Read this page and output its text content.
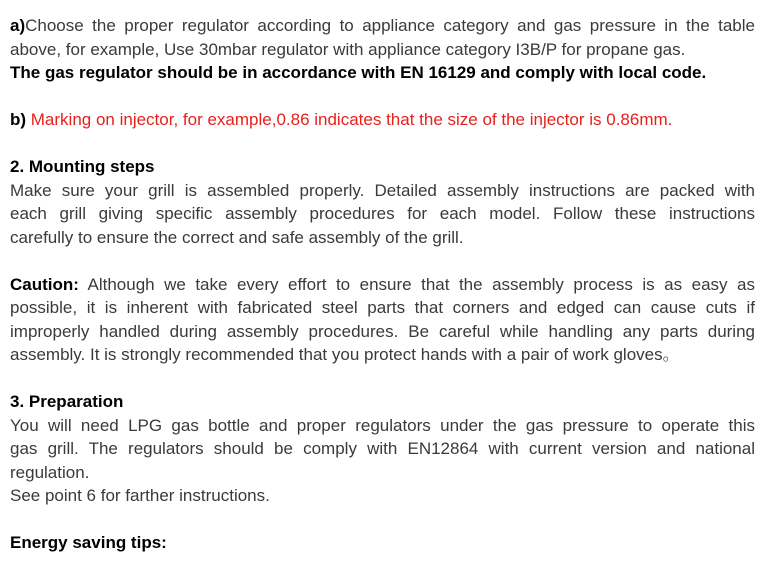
a)Choose the proper regulator according to appliance category and gas pressure in the table

above, for example, Use 30mbar regulator with appliance category I3B/P for propane gas.

The gas regulator should be in accordance with EN 16129 and comply with local code.

b) Marking on injector, for example,0.86 indicates that the size of the injector is 0.86mm.

2. Mounting steps

Make sure your grill is assembled properly. Detailed assembly instructions are packed with

each grill giving specific assembly procedures for each model. Follow these instructions

carefully to ensure the correct and safe assembly of the grill.

Caution: Although we take every effort to ensure that the assembly process is as easy as

possible, it is inherent with fabricated steel parts that corners and edged can cause cuts if

improperly handled during assembly procedures. Be careful while handling any parts during

assembly. It is strongly recommended that you protect hands with a pair of work gloves。

3. Preparation

You will need LPG gas bottle and proper regulators under the gas pressure to operate this

gas grill. The regulators should be comply with EN12864 with current version and national

regulation.

See point 6 for farther instructions.

Energy saving tips:
